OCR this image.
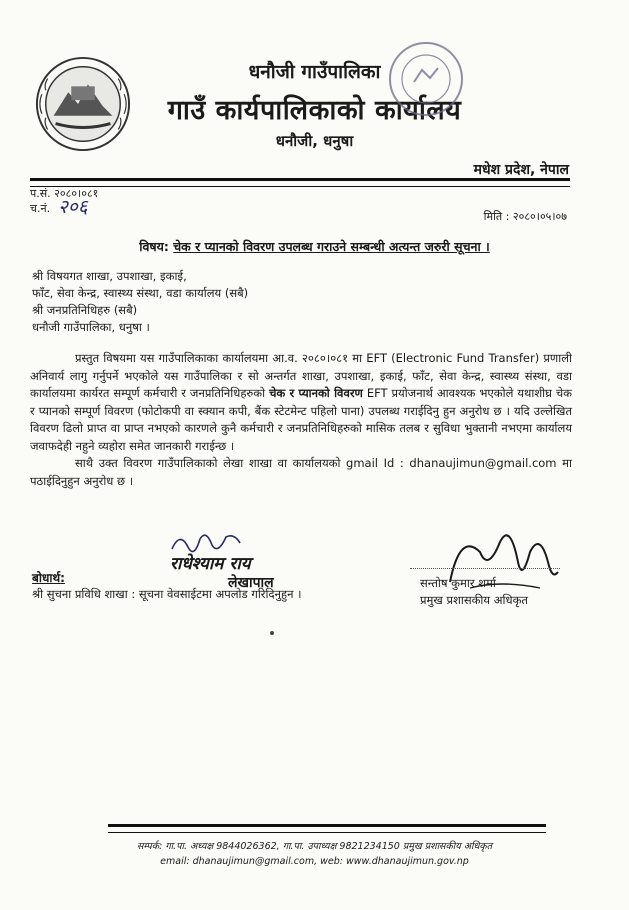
धनौजी गाउँपालिका
गाउँ कार्यपालिकाको कार्यालय
धनौजी, धनुषा
मधेश प्रदेश, नेपाल
प.सं. २०८०।०८१
च.नं. २०६	मिति : २०८०।०५।०७
विषय: चेक र प्यानको विवरण उपलब्ध गराउने सम्बन्धी अत्यन्त जरुरी सूचना ।
श्री विषयगत शाखा, उपशाखा, इकाई,
फाँट, सेवा केन्द्र, स्वास्थ्य संस्था, वडा कार्यालय (सबै)
श्री जनप्रतिनिधिहरु (सबै)
धनौजी गाउँपालिका, धनुषा ।

प्रस्तुत विषयमा यस गाउँपालिकाका कार्यालयमा आ.व. २०८०।०८१ मा EFT (Electronic Fund Transfer) प्रणाली अनिवार्य लागु गर्नुपर्ने भएकोले यस गाउँपालिका र सो अन्तर्गत शाखा, उपशाखा, इकाई, फाँट, सेवा केन्द्र, स्वास्थ्य संस्था, वडा कार्यालयमा कार्यरत सम्पूर्ण कर्मचारी र जनप्रतिनिधिहरुको चेक र प्यानको विवरण EFT प्रयोजनार्थ आवश्यक भएकोले यथाशीघ्र चेक र प्यानको सम्पूर्ण विवरण (फोटोकपी वा स्क्यान कपी, बैंक स्टेटमेन्ट पहिलो पाना) उपलब्ध गराईदिनु हुन अनुरोध छ । यदि उल्लेखित विवरण ढिलो प्राप्त वा प्राप्त नभएको कारणले कुनै कर्मचारी र जनप्रतिनिधिहरुको मासिक तलब र सुविधा भुक्तानी नभएमा कार्यालय जवाफदेही नहुने व्यहोरा समेत जानकारी गराईन्छ ।

साथै उक्त विवरण गाउँपालिकाको लेखा शाखा वा कार्यालयको gmail Id : dhanaujimun@gmail.com मा पठाईदिनुहुन अनुरोध छ ।

राधेश्याम राय
लेखापाल	सन्तोष कुमार शर्मा
प्रमुख प्रशासकीय अधिकृत
बोधार्थ:
श्री सुचना प्रविधि शाखा : सूचना वेवसाईटमा अपलोड गरिदिनुहुन ।
सम्पर्क: गा.पा. अध्यक्ष 9844026362, गा.पा. उपाध्यक्ष 9821234150 प्रमुख प्रशासकीय अधिकृत
email: dhanaujimun@gmail.com, web: www.dhanaujimun.gov.np
